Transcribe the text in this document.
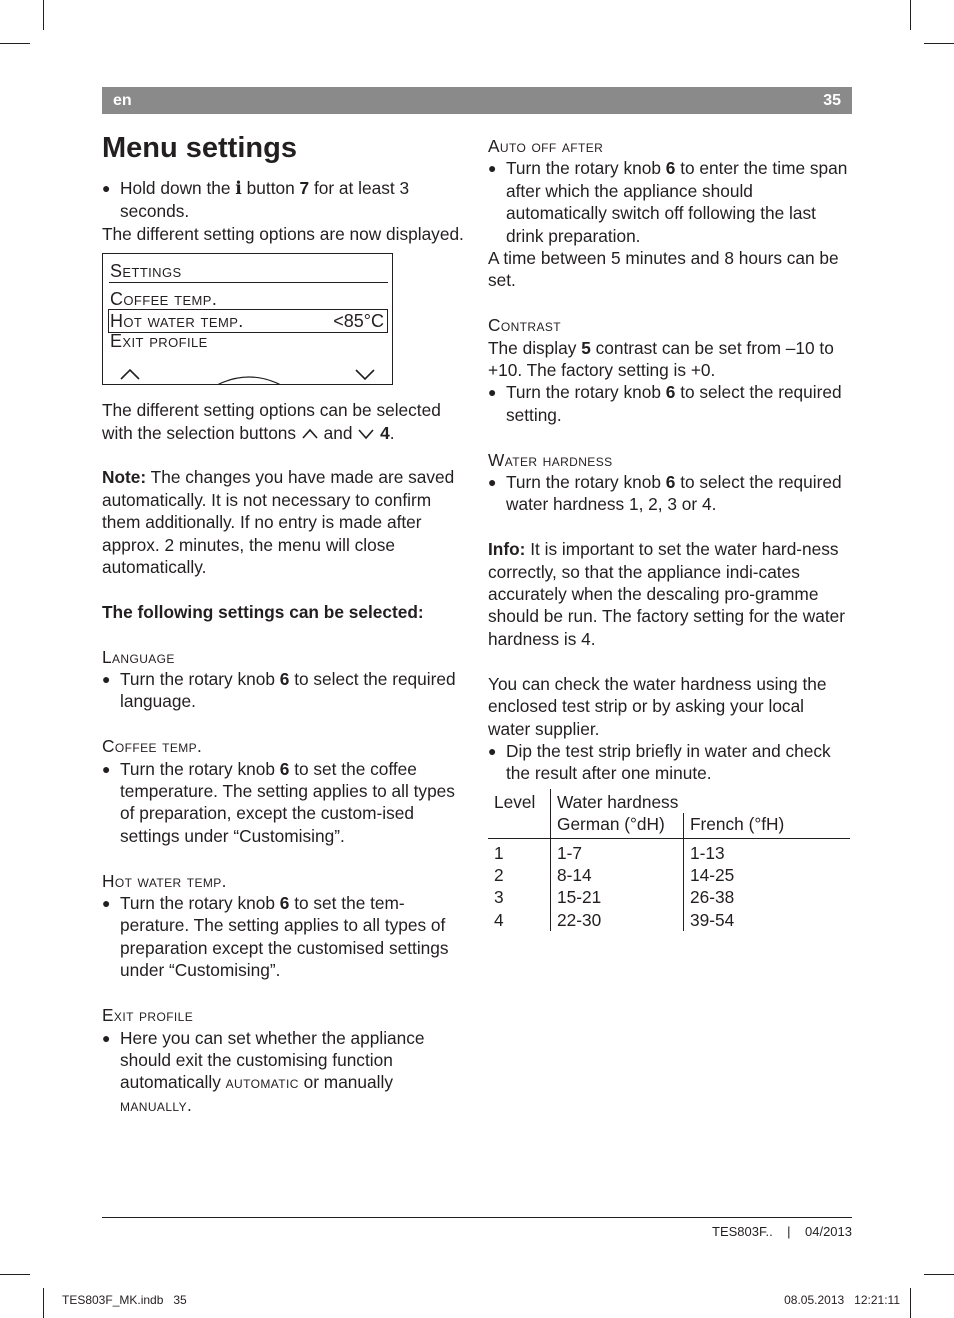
en	35
Menu settings

● Hold down the i button 7 for at least 3 seconds.

The different setting options are now displayed.

Settings
Coffee temp.
Hot water temp.	<85°C
Exit profile

The different setting options can be selected with the selection buttons  and  4.

Note: The changes you have made are saved automatically. It is not necessary to confirm them additionally. If no entry is made after approx. 2 minutes, the menu will close automatically.

The following settings can be selected:

Language

● Turn the rotary knob 6 to select the required language.

Coffee temp.

● Turn the rotary knob 6 to set the coffee temperature. The setting applies to all types of preparation, except the custom-ised settings under “Customising”.

Hot water temp.

● Turn the rotary knob 6 to set the tem-perature. The setting applies to all types of preparation except the customised settings under “Customising”.

Exit profile

● Here you can set whether the appliance should exit the customising function automatically automatic or manually manually.

Auto off after

● Turn the rotary knob 6 to enter the time span after which the appliance should automatically switch off following the last drink preparation.

A time between 5 minutes and 8 hours can be set.

Contrast

The display 5 contrast can be set from –10 to +10. The factory setting is +0.

● Turn the rotary knob 6 to select the required setting.

Water hardness

● Turn the rotary knob 6 to select the required water hardness 1, 2, 3 or 4.

Info: It is important to set the water hard-ness correctly, so that the appliance indi-cates accurately when the descaling pro-gramme should be run. The factory setting for the water hardness is 4.

You can check the water hardness using the enclosed test strip or by asking your local water supplier.

● Dip the test strip briefly in water and check the result after one minute.

Level	Water hardness	
	German (°dH)	French (°fH)
1	1-7	1-13
2	8-14	14-25
3	15-21	26-38
4	22-30	39-54
TES803F.. | 04/2013
TES803F_MK.indb   35	08.05.2013   12:21:11
